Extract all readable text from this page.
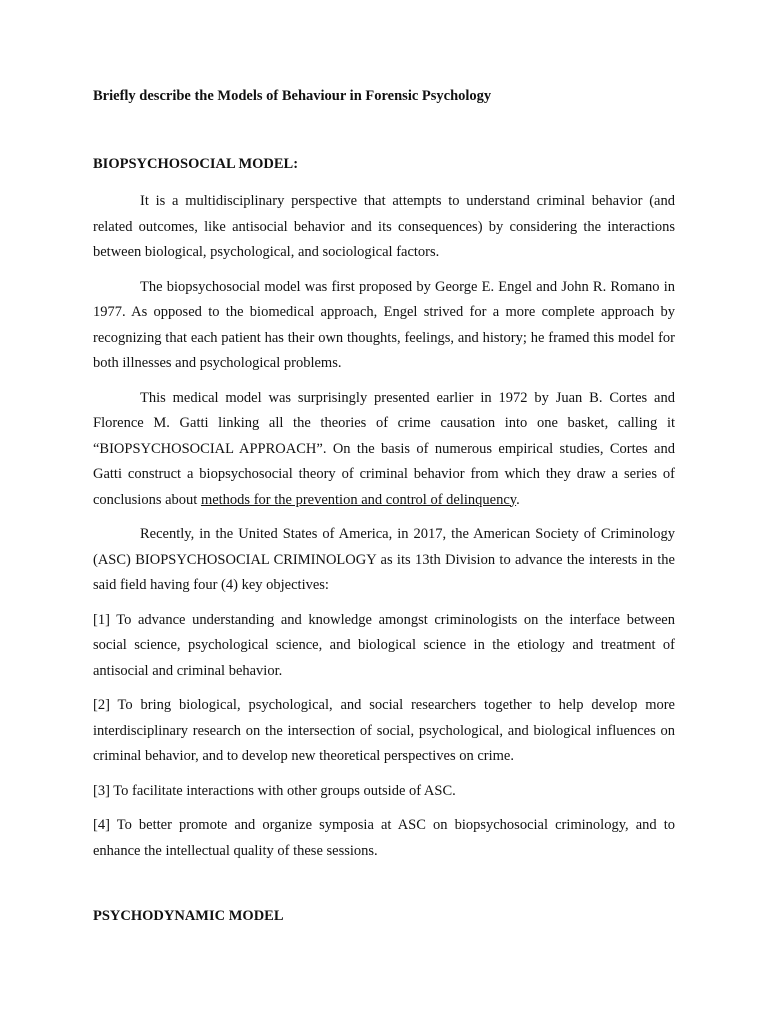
Briefly describe the Models of Behaviour in Forensic Psychology
BIOPSYCHOSOCIAL MODEL:

It is a multidisciplinary perspective that attempts to understand criminal behavior (and related outcomes, like antisocial behavior and its consequences) by considering the interactions between biological, psychological, and sociological factors.

The biopsychosocial model was first proposed by George E. Engel and John R. Romano in 1977. As opposed to the biomedical approach, Engel strived for a more complete approach by recognizing that each patient has their own thoughts, feelings, and history; he framed this model for both illnesses and psychological problems.

This medical model was surprisingly presented earlier in 1972 by Juan B. Cortes and Florence M. Gatti linking all the theories of crime causation into one basket, calling it “BIOPSYCHOSOCIAL APPROACH”. On the basis of numerous empirical studies, Cortes and Gatti construct a biopsychosocial theory of criminal behavior from which they draw a series of conclusions about methods for the prevention and control of delinquency.

Recently, in the United States of America, in 2017, the American Society of Criminology (ASC) BIOPSYCHOSOCIAL CRIMINOLOGY as its 13th Division to advance the interests in the said field having four (4) key objectives:

[1] To advance understanding and knowledge amongst criminologists on the interface between social science, psychological science, and biological science in the etiology and treatment of antisocial and criminal behavior.

[2] To bring biological, psychological, and social researchers together to help develop more interdisciplinary research on the intersection of social, psychological, and biological influences on criminal behavior, and to develop new theoretical perspectives on crime.

[3] To facilitate interactions with other groups outside of ASC.

[4] To better promote and organize symposia at ASC on biopsychosocial criminology, and to enhance the intellectual quality of these sessions.

PSYCHODYNAMIC MODEL
